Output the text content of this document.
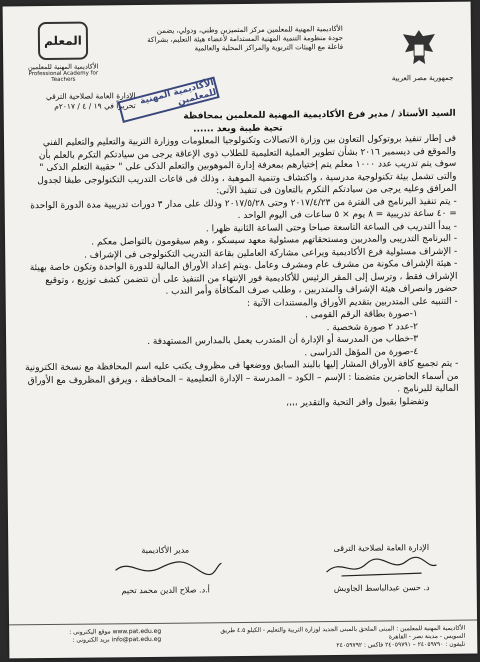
المعلم
الأكاديمية المهنية للمعلمين
Professional Academy for Teachers
الأكاديمية المهنية للمعلمين مركز المتميزين وطني، ودولي، يضمن
جودة منظومة التنمية المهنية المستدامة لأعضاء هيئة التعليم، بشراكة
فاعلة مع الهيئات التربوية والمراكز المحلية والعالمية
جمهورية مصر العربية
الإدارة العامة لصلاحية الترقي
تحريراً في ١٩ / ٤ / ٢٠١٧م الأكاديمية المهنية للمعلمين

السيد الأستاذ / مدير فرع الأكاديمية المهنية للمعلمين بمحافظة

تحية طيبة وبعد ......

فى إطار تنفيذ بروتوكول التعاون بين وزارة الاتصالات وتكنولوجيا المعلومات ووزارة التربية والتعليم والتعليم الفني والموقع فى ديسمبر ٢٠١٦ بشأن تطوير العملية التعليمية للطلاب ذوى الإعاقة يرجى من سيادتكم التكرم بالعلم بأن سوف يتم تدريب عدد ١٠٠٠ معلم يتم إختيارهم بمعرفة إدارة الموهوبين والتعلم الذكى على " حقيبة التعلم الذكى " والتى تشمل بيئة تكنولوجية مدرسية ، واكتشاف وتنمية الموهبة ، وذلك فى قاعات التدريب التكنولوجى طبقا لجدول المرافق وعليه يرجى من سيادتكم التكرم بالتعاون فى تنفيذ الآتى:

- يتم تنفيذ البرنامج فى الفترة من ٢٠١٧/٤/٢٣ وحتى ٢٠١٧/٥/٢٨ وذلك على مدار ٣ دورات تدريبية مدة الدورة الواحدة = ٤٠ ساعة تدريبية = ٨ يوم × ٥ ساعات فى اليوم الواحد .

- يبدأ التدريب فى الساعة التاسعة صباحا وحتى الساعة الثانية ظهرا .

- البرنامج التدريبى والمدربين ومستحقاتهم مسئولية معهد سيسكو ، وهم سيقومون بالتواصل معكم .

- الإشراف مسئولية فرع الأكاديمية ويراعى مشاركة العاملين بقاعة التدريب التكنولوجى فى الإشراف .

- هيئة الإشراف مكونة من مشرف عام ومشرف وعامل .ويتم إعداد الأوراق المالية للدورة الواحدة وتكون خاصة بهيئة الإشراف فقط ، وترسل إلى المقر الرئيس للأكاديمية فور الإنتهاء من التنفيذ على أن تتضمن كشف توزيع ، وتوقيع حضور وانصراف هيئة الإشراف والمتدربين ، وطلب صرف المكافأة وأمر الندب .

- التنبيه على المتدربين بتقديم الأوراق والمستندات الآتية :

١-صورة بطاقة الرقم القومى .

٢-عدد ٢ صورة شخصية .

٣-خطاب من المدرسة أو الإدارة أن المتدرب يعمل بالمدارس المستهدفة .

٤-صورة من المؤهل الدراسى .

- يتم تجميع كافة الأوراق المشار إليها بالبند السابق ووضعها فى مظروف يكتب عليه اسم المحافظة مع نسخة الكترونية من أسماء الحاضرين متضمنا : الإسم – الكود – المدرسة – الإدارة التعليمية – المحافظة ، ويرفق المظروف مع الأوراق المالية للبرنامج .

وتفضلوا بقبول وافر التحية والتقدير ،،،،

الإدارة العامة لصلاحية الترقى
د. حسن عبدالباسط الجاويش
مدير الأكاديمية
أ.د. صلاح الدين محمد تحيم
الأكاديمية المهنية للمعلمين : المبنى الملحق بالمبنى الجديد لوزارة التربية والتعليم - الكيلو ٤.٥ طريق السويس - مدينة نصر - القاهرة
تليفون : ٢٤٠٥٩٧٩٠ – ٢٤٠٥٩٧٩١ فاكس : ٢٤٠٥٩٧٩٢
www.pat.edu.eg موقع اليكترونى :
info@pat.edu.eg بريد الكترونى :
